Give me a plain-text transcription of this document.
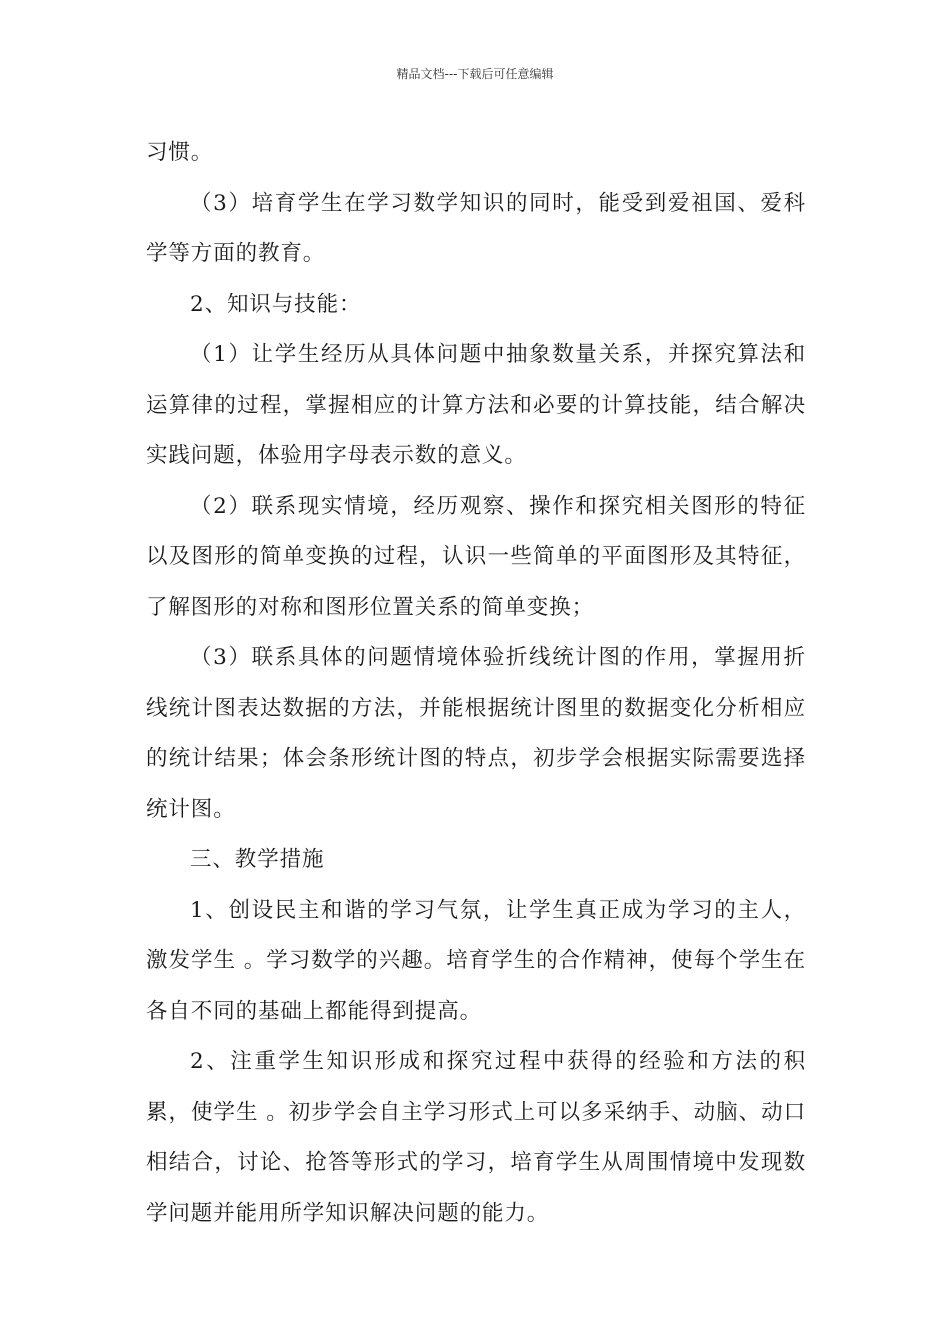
精品文档---下载后可任意编辑

习惯。

（3）培育学生在学习数学知识的同时，能受到爱祖国、爱科学等方面的教育。

2、知识与技能：

（1）让学生经历从具体问题中抽象数量关系，并探究算法和运算律的过程，掌握相应的计算方法和必要的计算技能，结合解决实践问题，体验用字母表示数的意义。

（2）联系现实情境，经历观察、操作和探究相关图形的特征以及图形的简单变换的过程，认识一些简单的平面图形及其特征，了解图形的对称和图形位置关系的简单变换；

（3）联系具体的问题情境体验折线统计图的作用，掌握用折线统计图表达数据的方法，并能根据统计图里的数据变化分析相应的统计结果；体会条形统计图的特点，初步学会根据实际需要选择统计图。

三、教学措施

1、创设民主和谐的学习气氛，让学生真正成为学习的主人，激发学生 。学习数学的兴趣。培育学生的合作精神，使每个学生在各自不同的基础上都能得到提高。

2、注重学生知识形成和探究过程中获得的经验和方法的积累，使学生 。初步学会自主学习形式上可以多采纳手、动脑、动口相结合，讨论、抢答等形式的学习，培育学生从周围情境中发现数学问题并能用所学知识解决问题的能力。
